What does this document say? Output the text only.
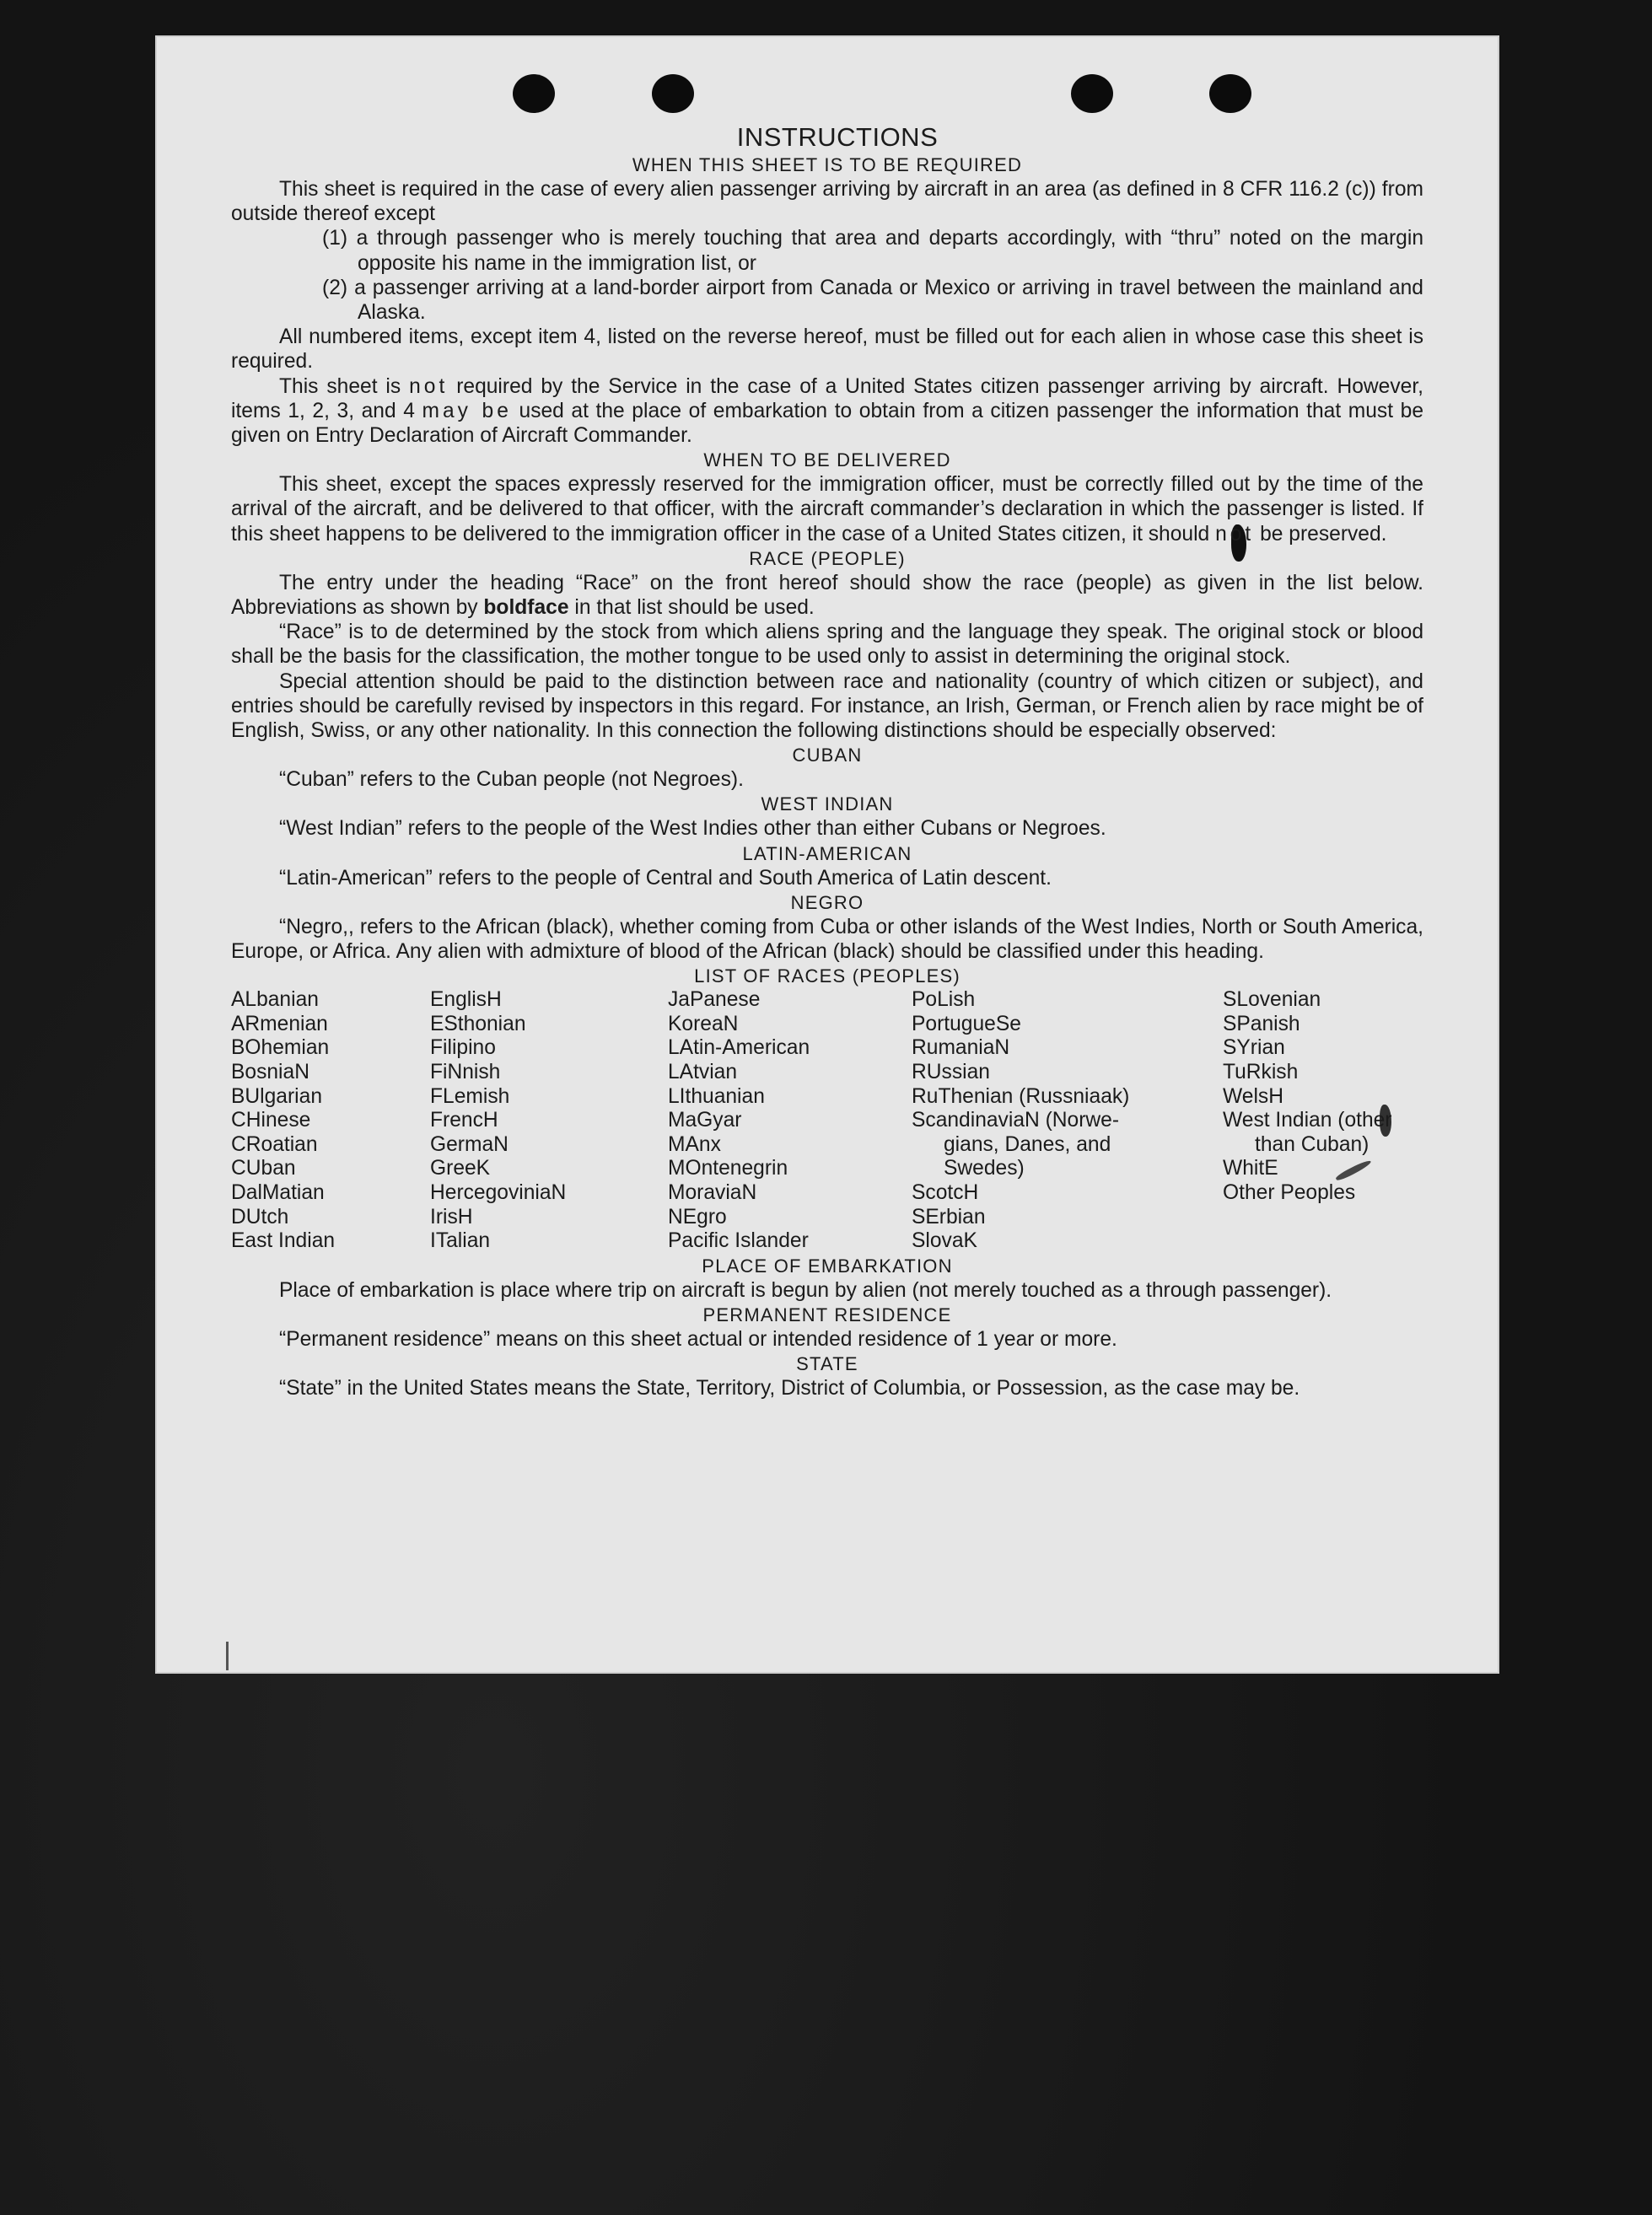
INSTRUCTIONS
WHEN THIS SHEET IS TO BE REQUIRED

This sheet is required in the case of every alien passenger arriving by aircraft in an area (as defined in 8 CFR 116.2 (c)) from outside thereof except

(1) a through passenger who is merely touching that area and departs accordingly, with “thru” noted on the margin opposite his name in the immigration list, or

(2) a passenger arriving at a land-border airport from Canada or Mexico or arriving in travel between the mainland and Alaska.

All numbered items, except item 4, listed on the reverse hereof, must be filled out for each alien in whose case this sheet is required.

This sheet is not required by the Service in the case of a United States citizen passenger arriving by aircraft. However, items 1, 2, 3, and 4 may be used at the place of embarkation to obtain from a citizen passenger the information that must be given on Entry Declaration of Aircraft Commander.

WHEN TO BE DELIVERED

This sheet, except the spaces expressly reserved for the immigration officer, must be correctly filled out by the time of the arrival of the aircraft, and be delivered to that officer, with the aircraft commander’s declaration in which the passenger is listed. If this sheet happens to be delivered to the immigration officer in the case of a United States citizen, it should not be preserved.

RACE (PEOPLE)

The entry under the heading “Race” on the front hereof should show the race (people) as given in the list below. Abbreviations as shown by boldface in that list should be used.

“Race” is to de determined by the stock from which aliens spring and the language they speak. The original stock or blood shall be the basis for the classification, the mother tongue to be used only to assist in determining the original stock.

Special attention should be paid to the distinction between race and nationality (country of which citizen or subject), and entries should be carefully revised by inspectors in this regard. For instance, an Irish, German, or French alien by race might be of English, Swiss, or any other nationality. In this connection the following distinctions should be especially observed:

CUBAN

“Cuban” refers to the Cuban people (not Negroes).

WEST INDIAN

“West Indian” refers to the people of the West Indies other than either Cubans or Negroes.

LATIN-AMERICAN

“Latin-American” refers to the people of Central and South America of Latin descent.

NEGRO

“Negro,, refers to the African (black), whether coming from Cuba or other islands of the West Indies, North or South America, Europe, or Africa. Any alien with admixture of blood of the African (black) should be classified under this heading.

LIST OF RACES (PEOPLES)
ALbanian
ARmenian
BOhemian
BosniaN
BUlgarian
CHinese
CRoatian
CUban
DalMatian
DUtch
East Indian
EnglisH
ESthonian
Filipino
FiNnish
FLemish
FrencH
GermaN
GreeK
HercegoviniaN
IrisH
ITalian
JaPanese
KoreaN
LAtin-American
LAtvian
LIthuanian
MaGyar
MAnx
MOntenegrin
MoraviaN
NEgro
Pacific Islander
PoLish
PortugueSe
RumaniaN
RUssian
RuThenian (Russniaak)
ScandinaviaN (Norwe-
gians, Danes, and
Swedes)
ScotcH
SErbian
SlovaK
SLovenian
SPanish
SYrian
TuRkish
WelsH
West Indian (other
than Cuban)
WhitE
Other Peoples
PLACE OF EMBARKATION

Place of embarkation is place where trip on aircraft is begun by alien (not merely touched as a through passenger).

PERMANENT RESIDENCE

“Permanent residence” means on this sheet actual or intended residence of 1 year or more.

STATE

“State” in the United States means the State, Territory, District of Columbia, or Possession, as the case may be.
